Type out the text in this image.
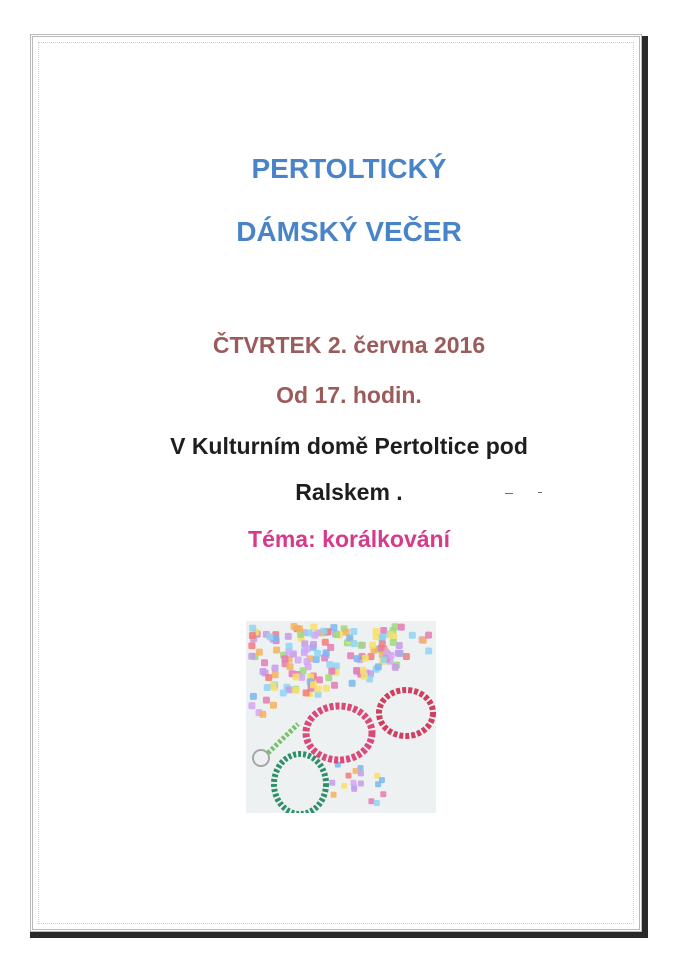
PERTOLTICKÝ
DÁMSKÝ VEČER
ČTVRTEK 2. června 2016
Od 17. hodin.
V Kulturním domě Pertoltice pod
Ralskem .
Téma: korálkování
